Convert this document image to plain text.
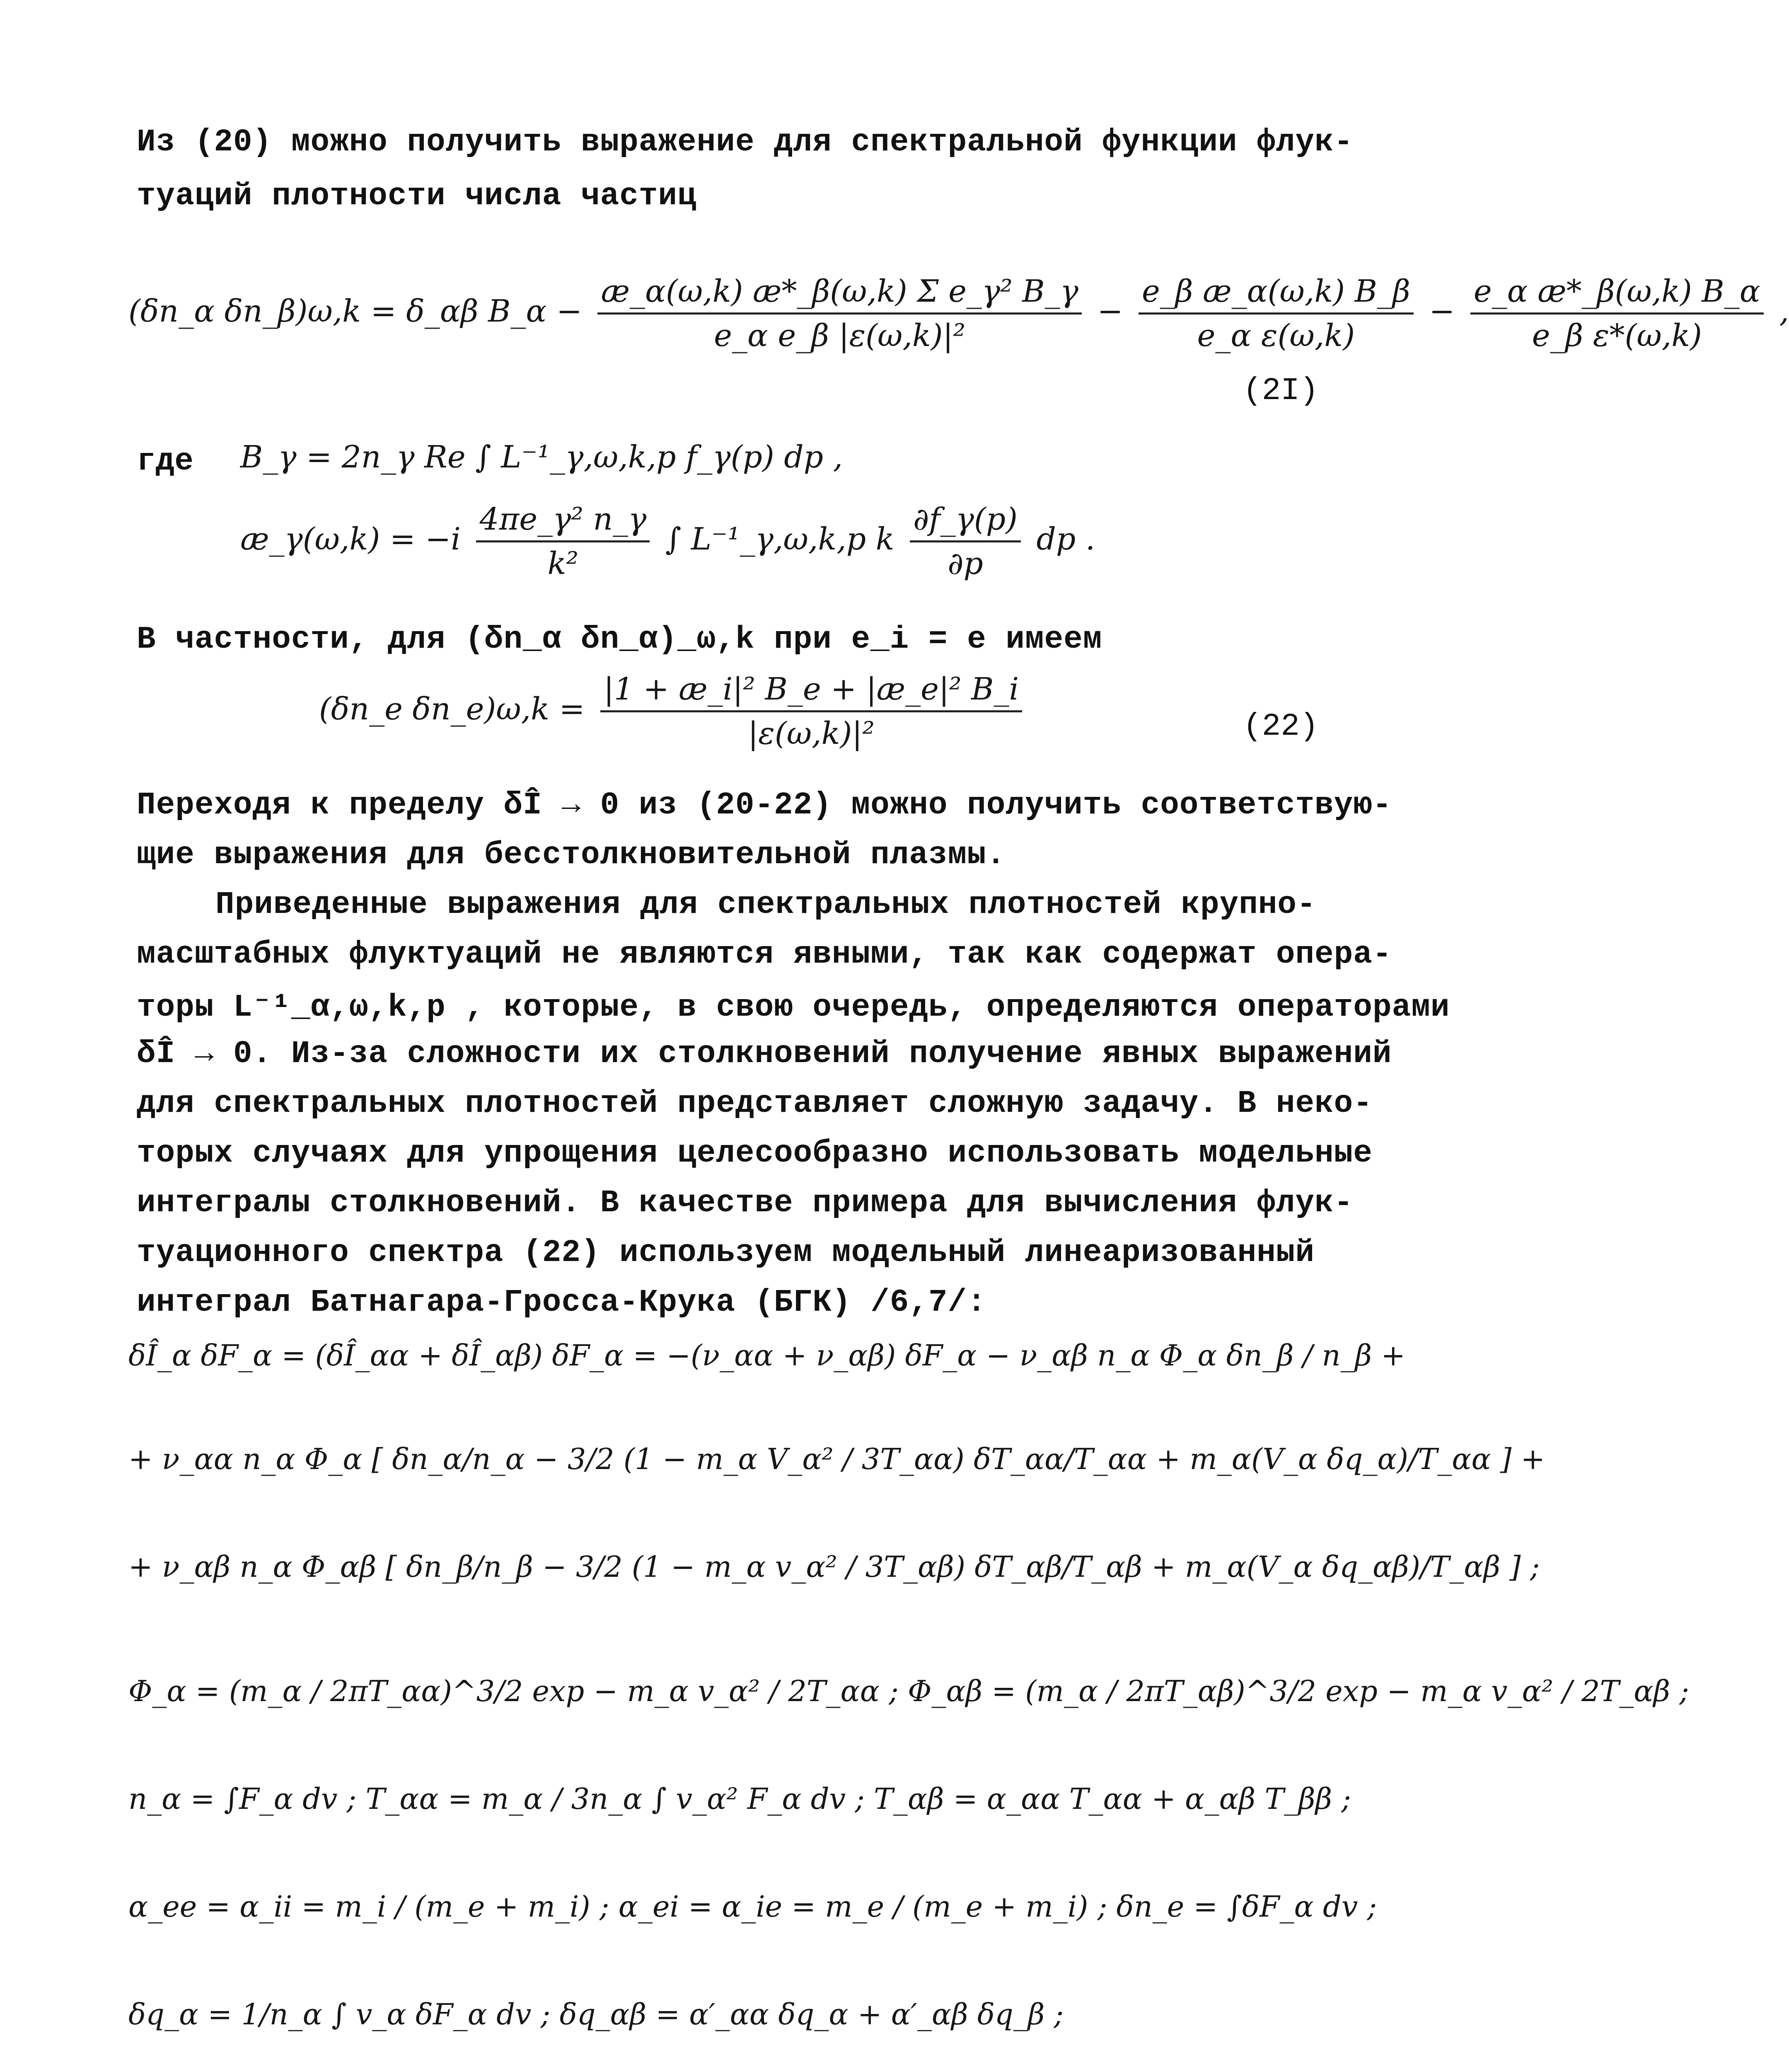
Из (20) можно получить выражение для спектральной функции флук-
туаций плотности числа частиц
(δn_α δn_β)ω,k = δ_αβ B_α − $\frac{\text{æ\_α(ω,k) æ*\_β(ω,k) Σ e\_γ² B\_γ}}{\text{e\_α e\_β |ε(ω,k)|²}} - \frac{\text{e\_β æ\_α(ω,k) B\_β}}{\text{e\_α ε(ω,k)}} - \frac{\text{e\_α æ*\_β(ω,k) B\_α}}{\text{e\_β ε*(ω,k)}}$ ,
(2I)
где B_γ = 2n_γ Re ∫ L⁻¹_γ,ω,k,p f_γ(p) dp ,
æ_γ(ω,k) = $-i \frac{\text{4πe\_γ² n\_γ}}{\text{k²}}$ ∫ L⁻¹_γ,ω,k,p k $\frac{\partial f\_\gamma(p)}{\partial p}$ dp .
В частности, для (δn_α δn_α)_ω,k при e_i = e имеем
(δn_e δn_e)ω,k = $\frac{\text{|1 + æ\_i|² B\_e + |æ\_e|² B\_i}}{\text{|ε(ω,k)|²}}$	(22)
Переходя к пределу δÎ → 0 из (20-22) можно получить соответствую-
щие выражения для бесстолкновительной плазмы.
Приведенные выражения для спектральных плотностей крупно-
масштабных флуктуаций не являются явными, так как содержат опера-
торы L⁻¹_α,ω,k,p , которые, в свою очередь, определяются операторами
δÎ → 0. Из-за сложности их столкновений получение явных выражений
для спектральных плотностей представляет сложную задачу. В неко-
торых случаях для упрощения целесообразно использовать модельные
интегралы столкновений. В качестве примера для вычисления флук-
туационного спектра (22) используем модельный линеаризованный
интеграл Батнагара-Гросса-Крука (БГК) /6,7/:
δÎ_α δF_α = (δÎ_αα + δÎ_αβ) δF_α = −(ν_αα + ν_αβ) δF_α − ν_αβ n_α Φ_α δn_β / n_β +
+ ν_αα n_α Φ_α [ δn_α/n_α − 3/2 (1 − m_α V_α² / 3T_αα) δT_αα/T_αα + m_α(V_α δq_α)/T_αα ] +
+ ν_αβ n_α Φ_αβ [ δn_β/n_β − 3/2 (1 − m_α v_α² / 3T_αβ) δT_αβ/T_αβ + m_α(V_α δq_αβ)/T_αβ ] ;
Φ_α = (m_α / 2πT_αα)^3/2 exp − m_α v_α² / 2T_αα ; Φ_αβ = (m_α / 2πT_αβ)^3/2 exp − m_α v_α² / 2T_αβ ;
n_α = ∫F_α dv ; T_αα = m_α / 3n_α ∫ v_α² F_α dv ; T_αβ = α_αα T_αα + α_αβ T_ββ ;
α_ee = α_ii = m_i / (m_e + m_i) ; α_ei = α_ie = m_e / (m_e + m_i) ; δn_e = ∫δF_α dv ;
δq_α = 1/n_α ∫ v_α δF_α dv ; δq_αβ = α′_αα δq_α + α′_αβ δq_β ;
